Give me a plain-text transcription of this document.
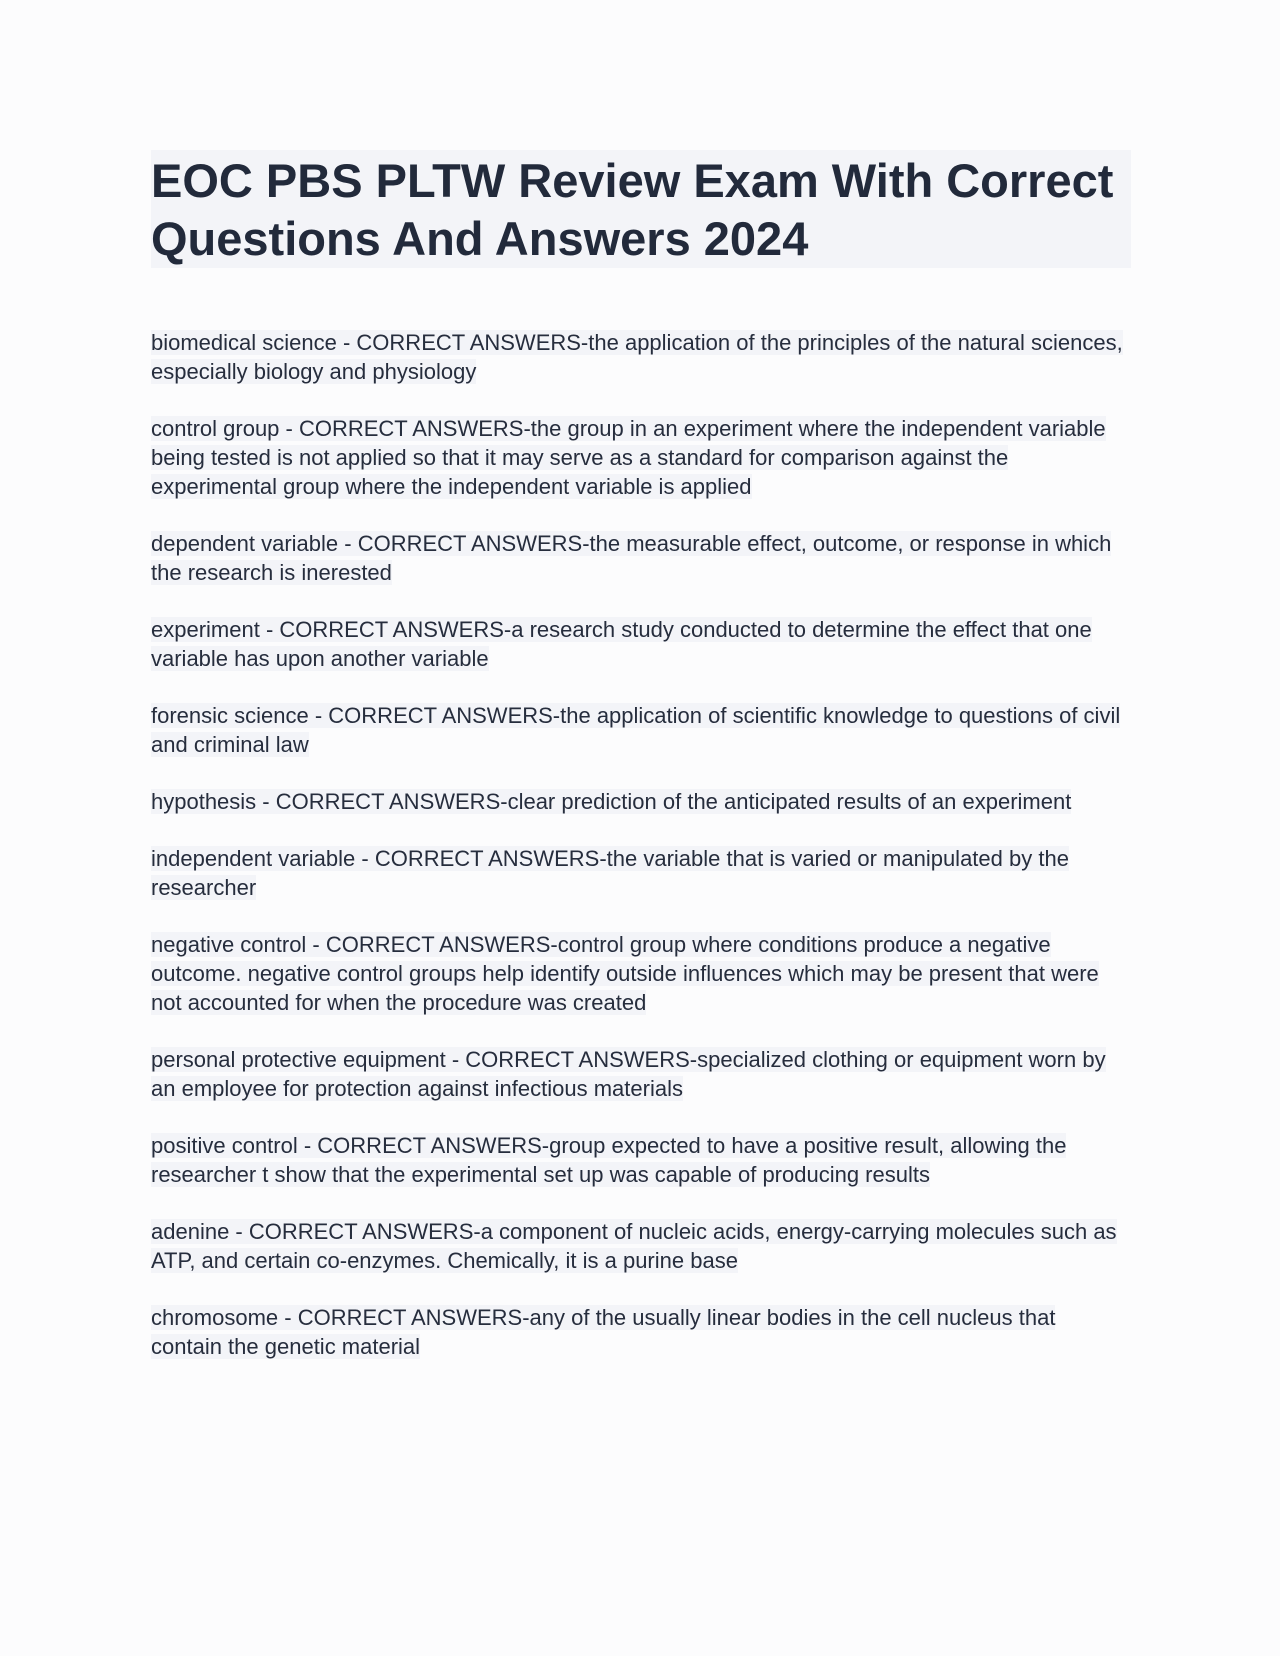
EOC PBS PLTW Review Exam With Correct Questions And Answers 2024

biomedical science - CORRECT ANSWERS-the application of the principles of the natural sciences, especially biology and physiology

control group - CORRECT ANSWERS-the group in an experiment where the independent variable being tested is not applied so that it may serve as a standard for comparison against the experimental group where the independent variable is applied

dependent variable - CORRECT ANSWERS-the measurable effect, outcome, or response in which the research is inerested

experiment - CORRECT ANSWERS-a research study conducted to determine the effect that one variable has upon another variable

forensic science - CORRECT ANSWERS-the application of scientific knowledge to questions of civil and criminal law

hypothesis - CORRECT ANSWERS-clear prediction of the anticipated results of an experiment

independent variable - CORRECT ANSWERS-the variable that is varied or manipulated by the researcher

negative control - CORRECT ANSWERS-control group where conditions produce a negative outcome. negative control groups help identify outside influences which may be present that were not accounted for when the procedure was created

personal protective equipment - CORRECT ANSWERS-specialized clothing or equipment worn by an employee for protection against infectious materials

positive control - CORRECT ANSWERS-group expected to have a positive result, allowing the researcher t show that the experimental set up was capable of producing results

adenine - CORRECT ANSWERS-a component of nucleic acids, energy-carrying molecules such as ATP, and certain co-enzymes. Chemically, it is a purine base

chromosome - CORRECT ANSWERS-any of the usually linear bodies in the cell nucleus that contain the genetic material
